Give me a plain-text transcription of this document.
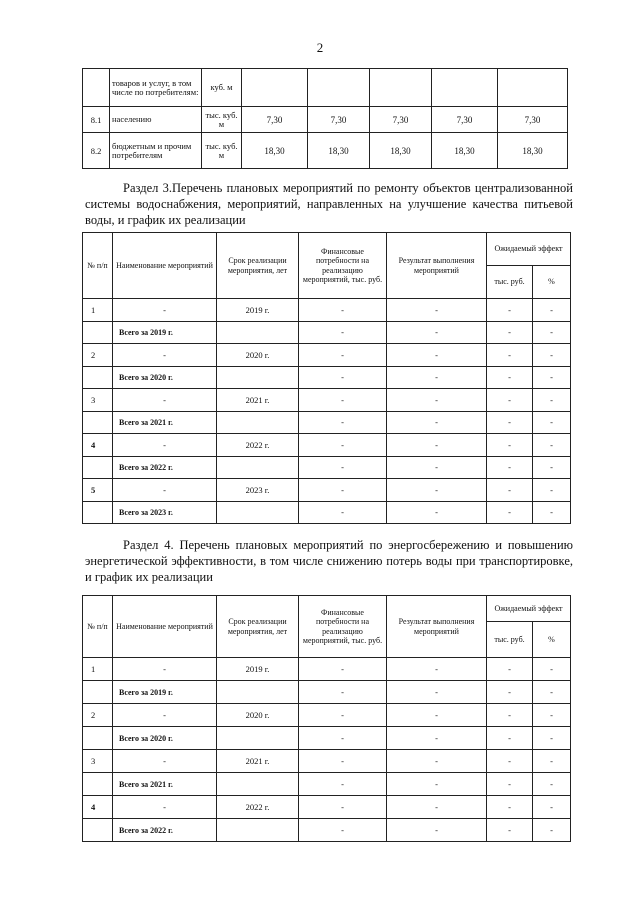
2
	товаров и услуг, в том числе по потребителям:	куб. м					
8.1	населению	тыс. куб. м	7,30	7,30	7,30	7,30	7,30
8.2	бюджетным и прочим потребителям	тыс. куб. м	18,30	18,30	18,30	18,30	18,30
Раздел 3.Перечень плановых мероприятий по ремонту объектов централизованной системы водоснабжения, мероприятий, направленных на улучшение качества питьевой воды, и график их реализации
№ п/п	Наименование мероприятий	Срок реализации мероприятия, лет	Финансовые потребности на реализацию мероприятий, тыс. руб.	Результат выполнения мероприятий	Ожидаемый эффект	
					тыс. руб.	%
1	-	2019 г.	-	-	-	-
	Всего за 2019 г.		-	-	-	-
2	-	2020 г.	-	-	-	-
	Всего за 2020 г.		-	-	-	-
3	-	2021 г.	-	-	-	-
	Всего за 2021 г.		-	-	-	-
4	-	2022 г.	-	-	-	-
	Всего за 2022 г.		-	-	-	-
5	-	2023 г.	-	-	-	-
	Всего за 2023 г.		-	-	-	-
Раздел 4. Перечень плановых мероприятий по энергосбережению и повышению энергетической эффективности, в том числе снижению потерь воды при транспортировке, и график их реализации
№ п/п	Наименование мероприятий	Срок реализации мероприятия, лет	Финансовые потребности на реализацию мероприятий, тыс. руб.	Результат выполнения мероприятий	Ожидаемый эффект	
					тыс. руб.	%
1	-	2019 г.	-	-	-	-
	Всего за 2019 г.		-	-	-	-
2	-	2020 г.	-	-	-	-
	Всего за 2020 г.		-	-	-	-
3	-	2021 г.	-	-	-	-
	Всего за 2021 г.		-	-	-	-
4	-	2022 г.	-	-	-	-
	Всего за 2022 г.		-	-	-	-
